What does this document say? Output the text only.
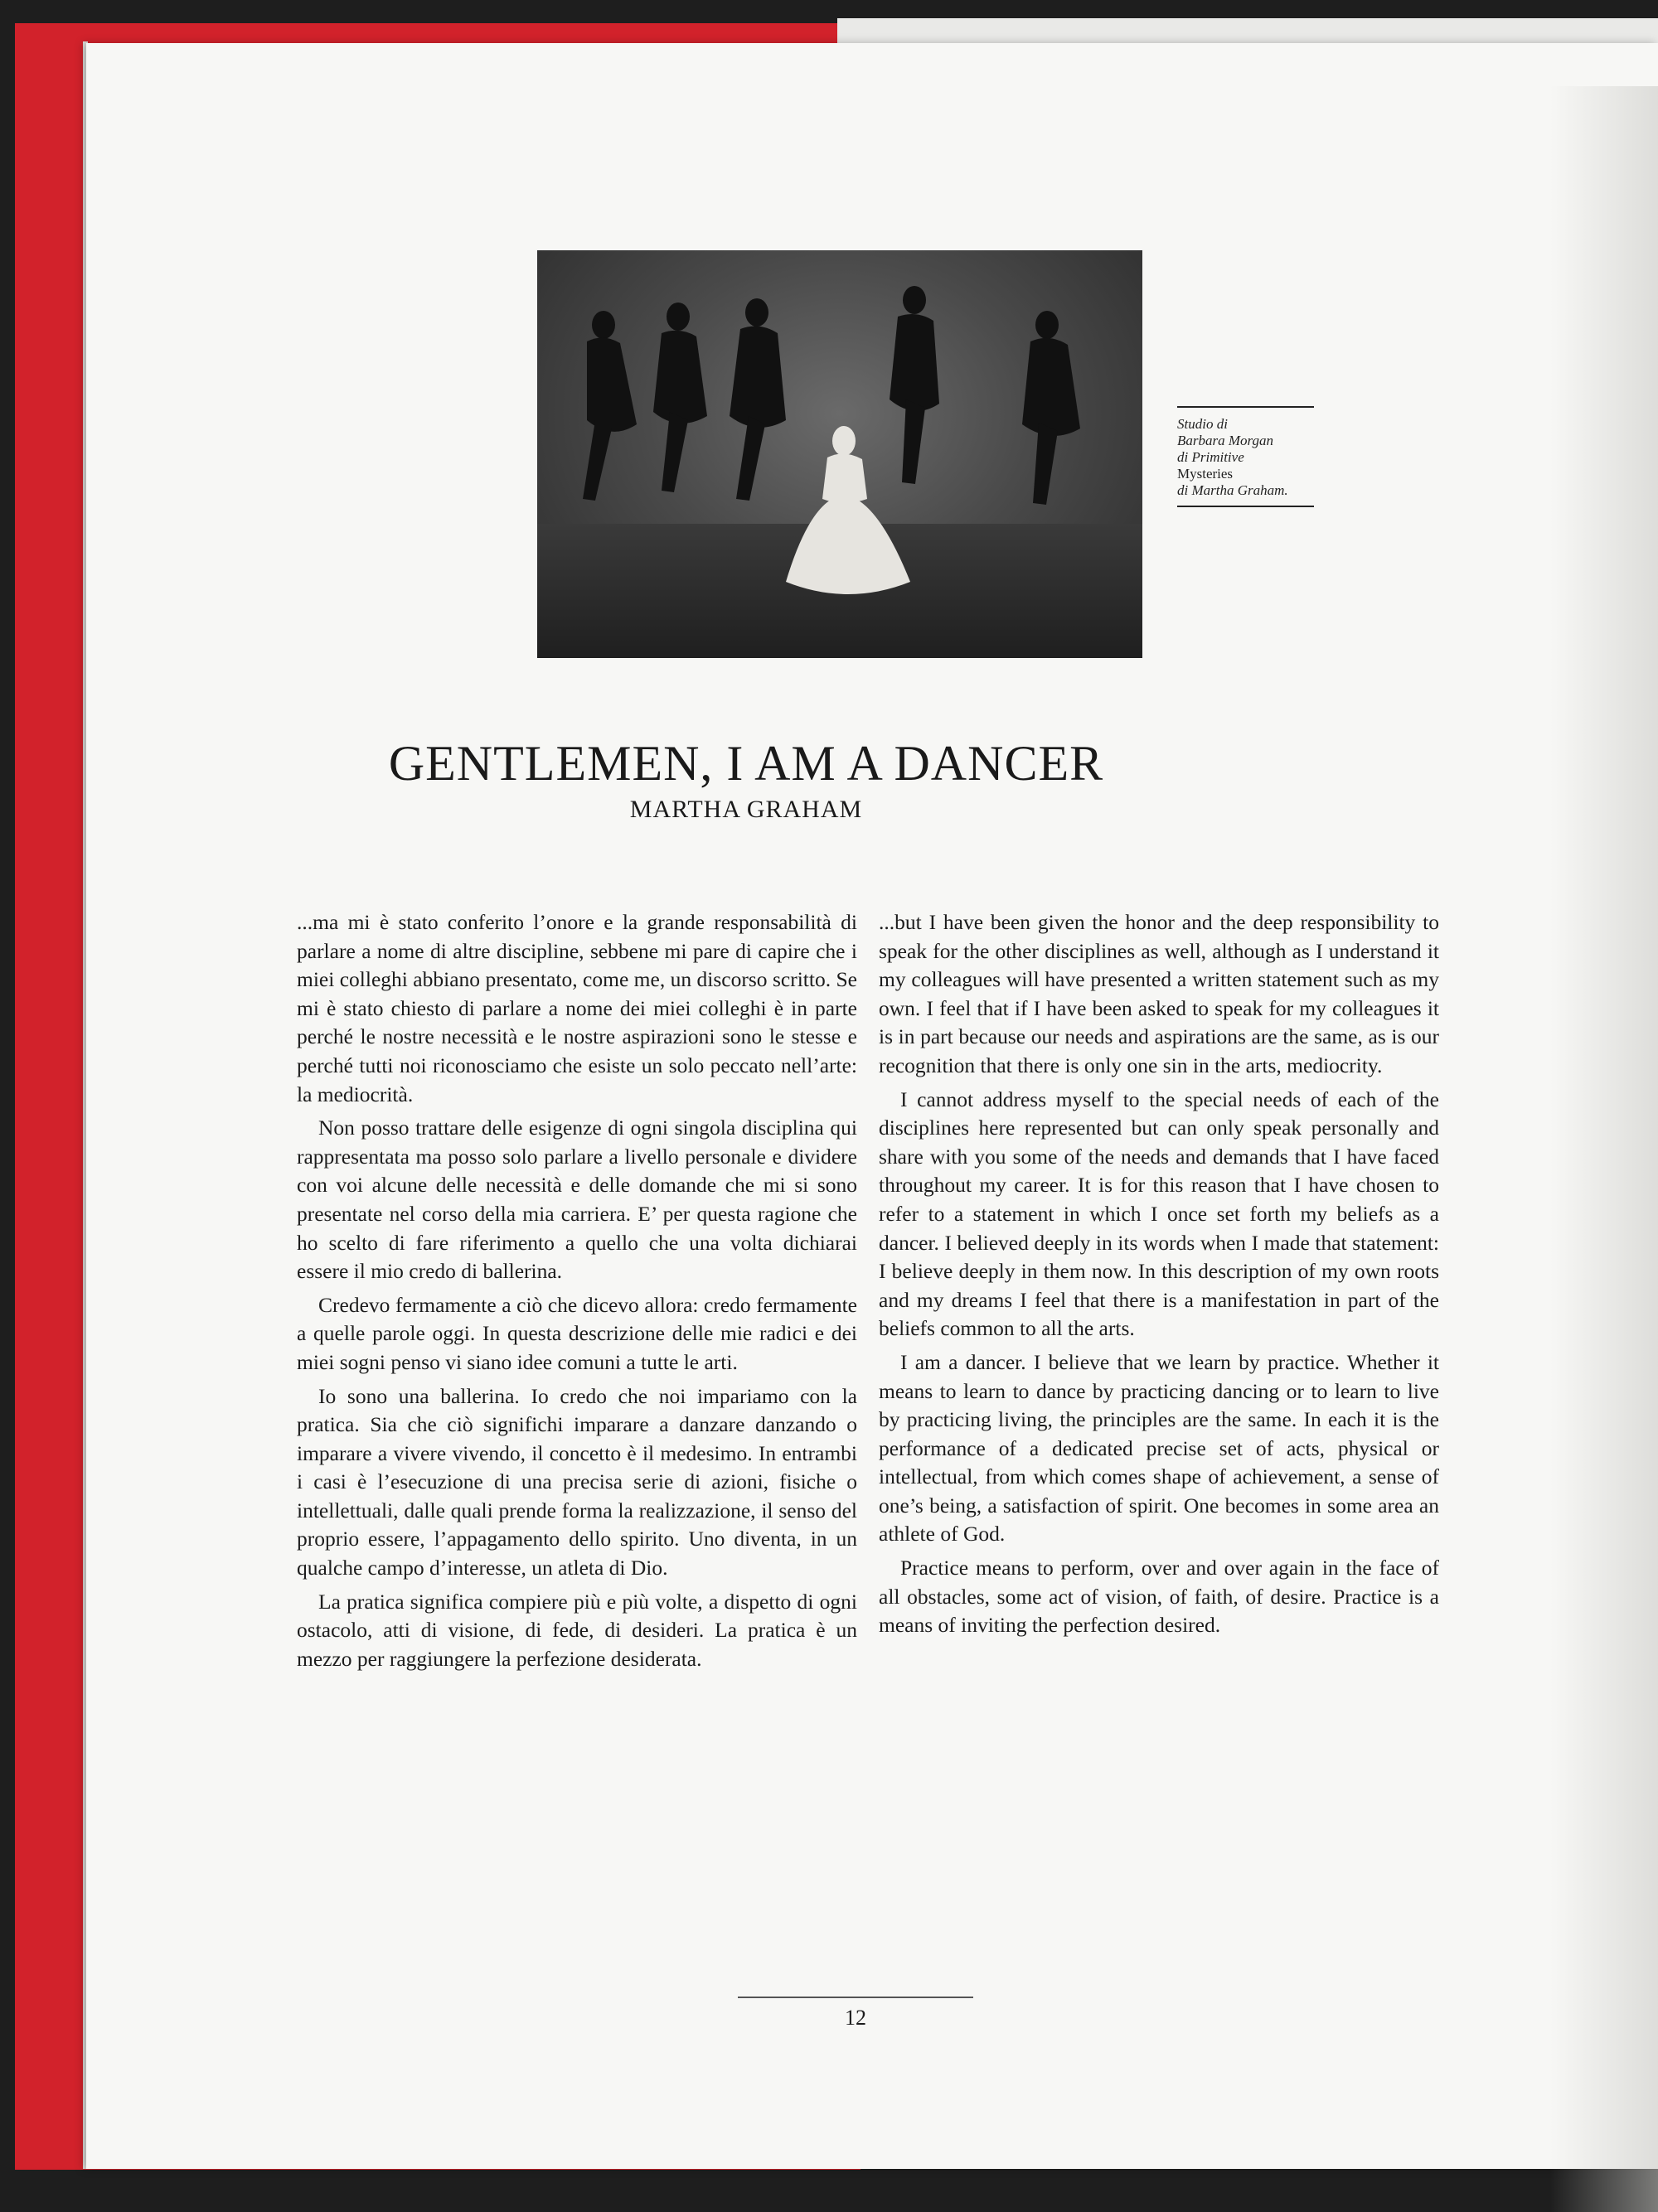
Studio di
Barbara Morgan
di Primitive
Mysteries
di Martha Graham.
GENTLEMEN, I AM A DANCER
MARTHA GRAHAM

...ma mi è stato conferito l’onore e la grande responsabilità di parlare a nome di altre discipline, sebbene mi pare di capire che i miei colleghi abbiano presentato, come me, un discorso scritto. Se mi è stato chiesto di parlare a nome dei miei colleghi è in parte perché le nostre necessità e le nostre aspirazioni sono le stesse e perché tutti noi riconosciamo che esiste un solo peccato nell’arte: la mediocrità.

Non posso trattare delle esigenze di ogni singola disciplina qui rappresentata ma posso solo parlare a livello personale e dividere con voi alcune delle necessità e delle domande che mi si sono presentate nel corso della mia carriera. E’ per questa ragione che ho scelto di fare riferimento a quello che una volta dichiarai essere il mio credo di ballerina.

Credevo fermamente a ciò che dicevo allora: credo fermamente a quelle parole oggi. In questa descrizione delle mie radici e dei miei sogni penso vi siano idee comuni a tutte le arti.

Io sono una ballerina. Io credo che noi impariamo con la pratica. Sia che ciò significhi imparare a danzare danzando o imparare a vivere vivendo, il concetto è il medesimo. In entrambi i casi è l’esecuzione di una precisa serie di azioni, fisiche o intellettuali, dalle quali prende forma la realizzazione, il senso del proprio essere, l’appagamento dello spirito. Uno diventa, in un qualche campo d’interesse, un atleta di Dio.

La pratica significa compiere più e più volte, a dispetto di ogni ostacolo, atti di visione, di fede, di desideri. La pratica è un mezzo per raggiungere la perfezione desiderata.

...but I have been given the honor and the deep responsibility to speak for the other disciplines as well, although as I understand it my colleagues will have presented a written statement such as my own. I feel that if I have been asked to speak for my colleagues it is in part because our needs and aspirations are the same, as is our recognition that there is only one sin in the arts, mediocrity.

I cannot address myself to the special needs of each of the disciplines here represented but can only speak personally and share with you some of the needs and demands that I have faced throughout my career. It is for this reason that I have chosen to refer to a statement in which I once set forth my beliefs as a dancer. I believed deeply in its words when I made that statement: I believe deeply in them now. In this description of my own roots and my dreams I feel that there is a manifestation in part of the beliefs common to all the arts.

I am a dancer. I believe that we learn by practice. Whether it means to learn to dance by practicing dancing or to learn to live by practicing living, the principles are the same. In each it is the performance of a dedicated precise set of acts, physical or intellectual, from which comes shape of achievement, a sense of one’s being, a satisfaction of spirit. One becomes in some area an athlete of God.

Practice means to perform, over and over again in the face of all obstacles, some act of vision, of faith, of desire. Practice is a means of inviting the perfection desired.

12
